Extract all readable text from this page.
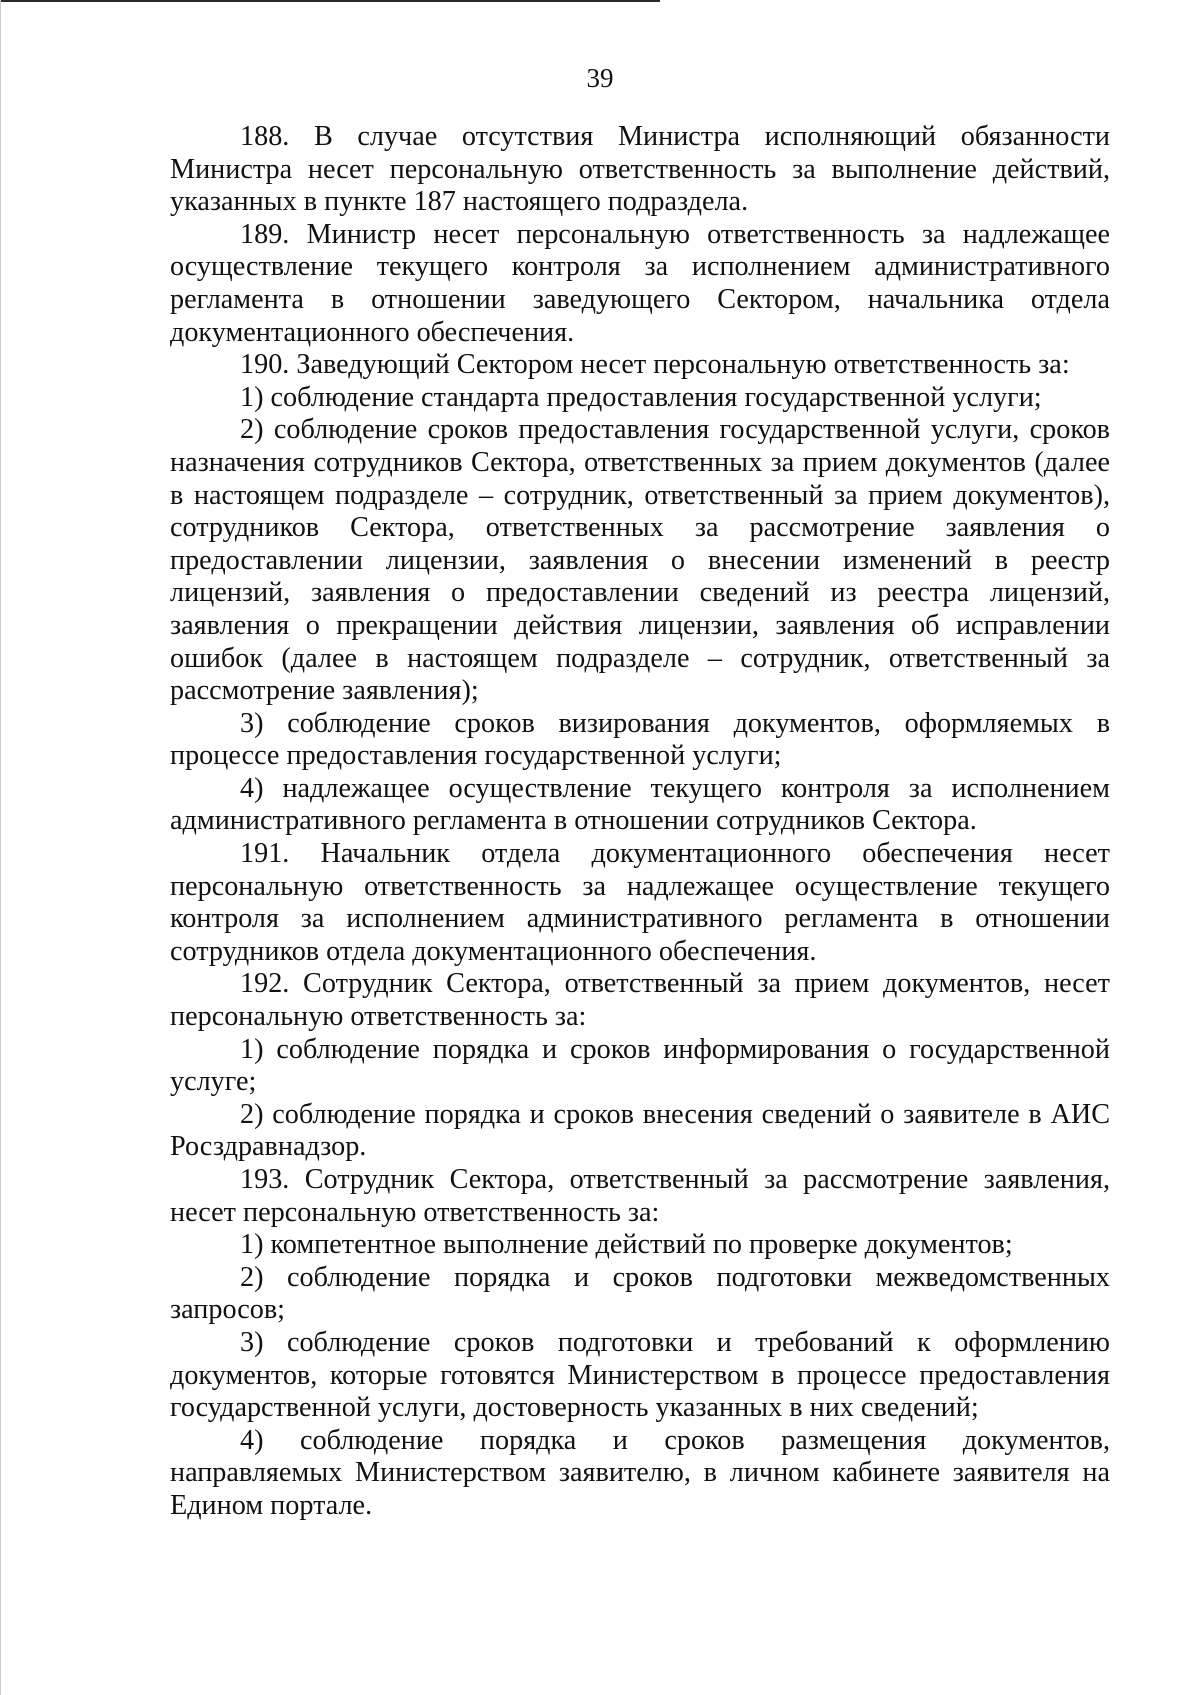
39

188. В случае отсутствия Министра исполняющий обязанности Министра несет персональную ответственность за выполнение действий, указанных в пункте 187 настоящего подраздела.

189. Министр несет персональную ответственность за надлежащее осуществление текущего контроля за исполнением административного регламента в отношении заведующего Сектором, начальника отдела документационного обеспечения.

190. Заведующий Сектором несет персональную ответственность за:

1) соблюдение стандарта предоставления государственной услуги;

2) соблюдение сроков предоставления государственной услуги, сроков назначения сотрудников Сектора, ответственных за прием документов (далее в настоящем подразделе – сотрудник, ответственный за прием документов), сотрудников Сектора, ответственных за рассмотрение заявления о предоставлении лицензии, заявления о внесении изменений в реестр лицензий, заявления о предоставлении сведений из реестра лицензий, заявления о прекращении действия лицензии, заявления об исправлении ошибок (далее в настоящем подразделе – сотрудник, ответственный за рассмотрение заявления);

3) соблюдение сроков визирования документов, оформляемых в процессе предоставления государственной услуги;

4) надлежащее осуществление текущего контроля за исполнением административного регламента в отношении сотрудников Сектора.

191. Начальник отдела документационного обеспечения несет персональную ответственность за надлежащее осуществление текущего контроля за исполнением административного регламента в отношении сотрудников отдела документационного обеспечения.

192. Сотрудник Сектора, ответственный за прием документов, несет персональную ответственность за:

1) соблюдение порядка и сроков информирования о государственной услуге;

2) соблюдение порядка и сроков внесения сведений о заявителе в АИС Росздравнадзор.

193. Сотрудник Сектора, ответственный за рассмотрение заявления, несет персональную ответственность за:

1) компетентное выполнение действий по проверке документов;

2) соблюдение порядка и сроков подготовки межведомственных запросов;

3) соблюдение сроков подготовки и требований к оформлению документов, которые готовятся Министерством в процессе предоставления государственной услуги, достоверность указанных в них сведений;

4) соблюдение порядка и сроков размещения документов, направляемых Министерством заявителю, в личном кабинете заявителя на Едином портале.
